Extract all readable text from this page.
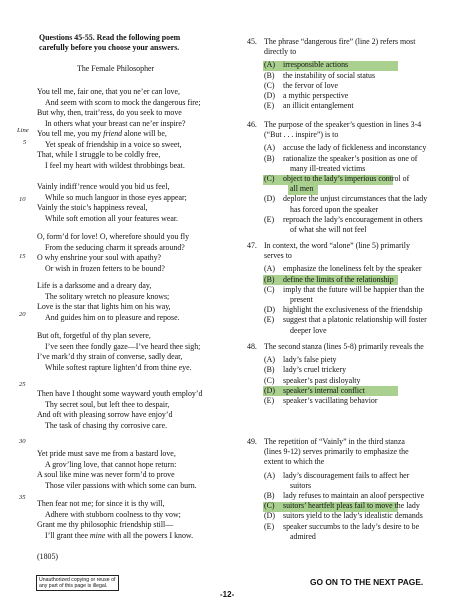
Questions 45-55. Read the following poem
carefully before you choose your answers.
The Female Philosopher
You tell me, fair one, that you ne’er can love,
And seem with scorn to mock the dangerous fire;
But why, then, trait’ress, do you seek to move
In others what your breast can ne’er inspire?
You tell me, you my friend alone will be,
Yet speak of friendship in a voice so sweet,
That, while I struggle to be coldly free,
I feel my heart with wildest throbbings beat.
Vainly indiff’rence would you bid us feel,
While so much languor in those eyes appear;
Vainly the stoic’s happiness reveal,
While soft emotion all your features wear.
O, form’d for love! O, wherefore should you fly
From the seducing charm it spreads around?
O why enshrine your soul with apathy?
Or wish in frozen fetters to be bound?
Life is a darksome and a dreary day,
The solitary wretch no pleasure knows;
Love is the star that lights him on his way,
And guides him on to pleasure and repose.
But oft, forgetful of thy plan severe,
I’ve seen thee fondly gaze—I’ve heard thee sigh;
I’ve mark’d thy strain of converse, sadly dear,
While softest rapture lighten’d from thine eye.
Then have I thought some wayward youth employ’d
Thy secret soul, but left thee to despair,
And oft with pleasing sorrow have enjoy’d
The task of chasing thy corrosive care.
Yet pride must save me from a bastard love,
A grov’ling love, that cannot hope return:
A soul like mine was never form’d to prove
Those viler passions with which some can burn.
Then fear not me; for since it is thy will,
Adhere with stubborn coolness to thy vow;
Grant me thy philosophic friendship still—
I’ll grant thee mine with all the powers I know.
Line
5
10
15
20
25
30
35
(1805)
45. The phrase “dangerous fire” (line 2) refers most
directly to
(A) irresponsible actions
(B) the instability of social status
(C) the fervor of love
(D) a mythic perspective
(E) an illicit entanglement
46. The purpose of the speaker’s question in lines 3-4
(“But . . . inspire”) is to
(A) accuse the lady of fickleness and inconstancy
(B) rationalize the speaker’s position as one of
many ill-treated victims
(C) object to the lady’s imperious control of
all men
(D) deplore the unjust circumstances that the lady
has forced upon the speaker
(E) reproach the lady’s encouragement in others
of what she will not feel
47. In context, the word “alone” (line 5) primarily
serves to
(A) emphasize the loneliness felt by the speaker
(B) define the limits of the relationship
(C) imply that the future will be happier than the
present
(D) highlight the exclusiveness of the friendship
(E) suggest that a platonic relationship will foster
deeper love
48. The second stanza (lines 5-8) primarily reveals the
(A) lady’s false piety
(B) lady’s cruel trickery
(C) speaker’s past disloyalty
(D) speaker’s internal conflict
(E) speaker’s vacillating behavior
49. The repetition of “Vainly” in the third stanza
(lines 9-12) serves primarily to emphasize the
extent to which the
(A) lady’s discouragement fails to affect her
suitors
(B) lady refuses to maintain an aloof perspective
(C) suitors’ heartfelt pleas fail to move the lady
(D) suitors yield to the lady’s idealistic demands
(E) speaker succumbs to the lady’s desire to be
admired
Unauthorized copying or reuse of
any part of this page is illegal.
-12-
GO ON TO THE NEXT PAGE.
